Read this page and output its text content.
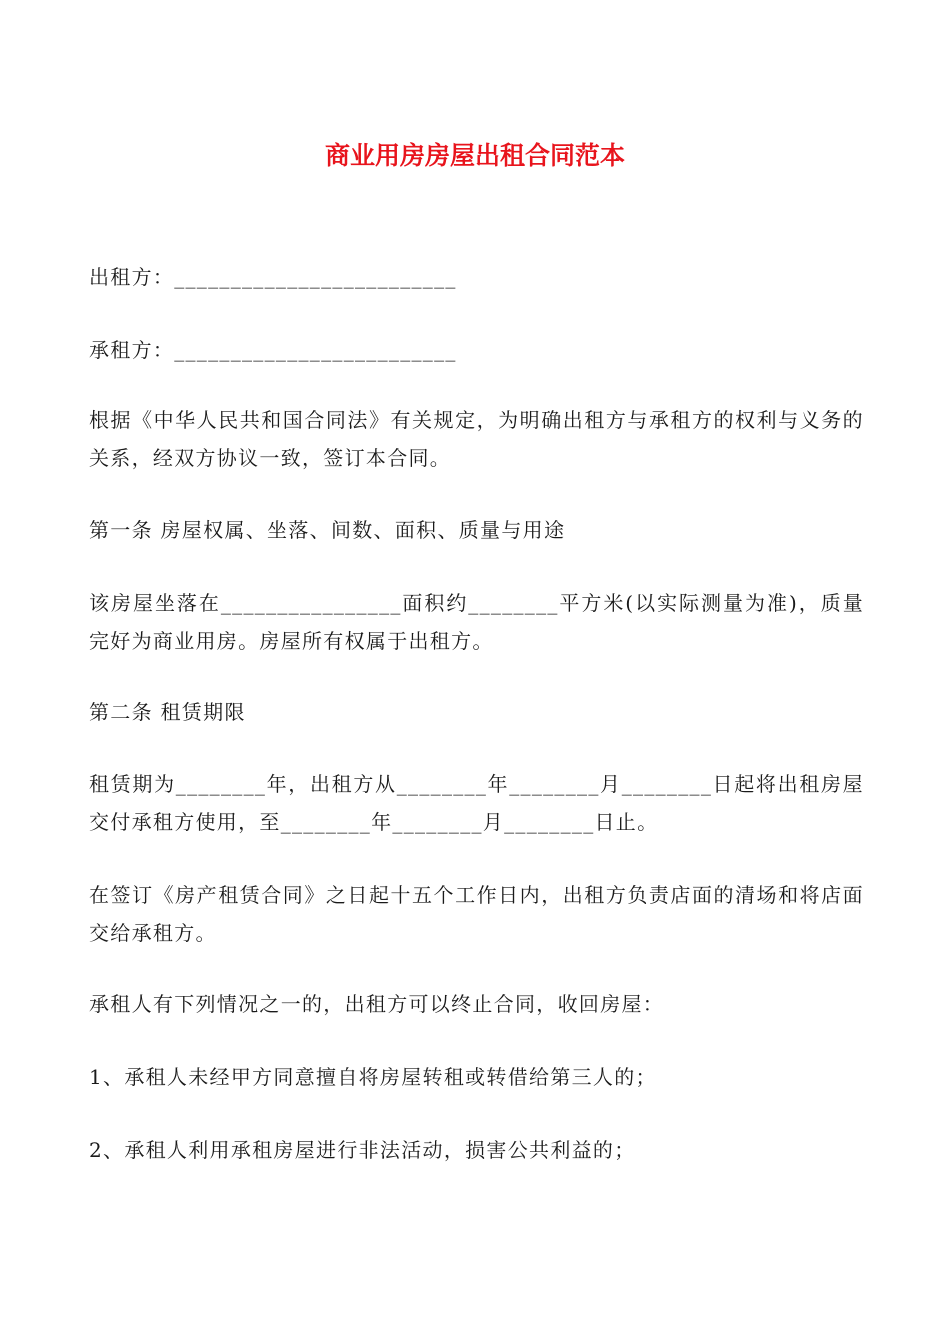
商业用房房屋出租合同范本
出租方：_________________________
承租方：_________________________
根据《中华人民共和国合同法》有关规定，为明确出租方与承租方的权利与义务的关系，经双方协议一致，签订本合同。
第一条 房屋权属、坐落、间数、面积、质量与用途
该房屋坐落在________________面积约________平方米(以实际测量为准)，质量完好为商业用房。房屋所有权属于出租方。
第二条 租赁期限
租赁期为________年，出租方从________年________月________日起将出租房屋交付承租方使用，至________年________月________日止。
在签订《房产租赁合同》之日起十五个工作日内，出租方负责店面的清场和将店面交给承租方。
承租人有下列情况之一的，出租方可以终止合同，收回房屋：
1、承租人未经甲方同意擅自将房屋转租或转借给第三人的；
2、承租人利用承租房屋进行非法活动，损害公共利益的；
